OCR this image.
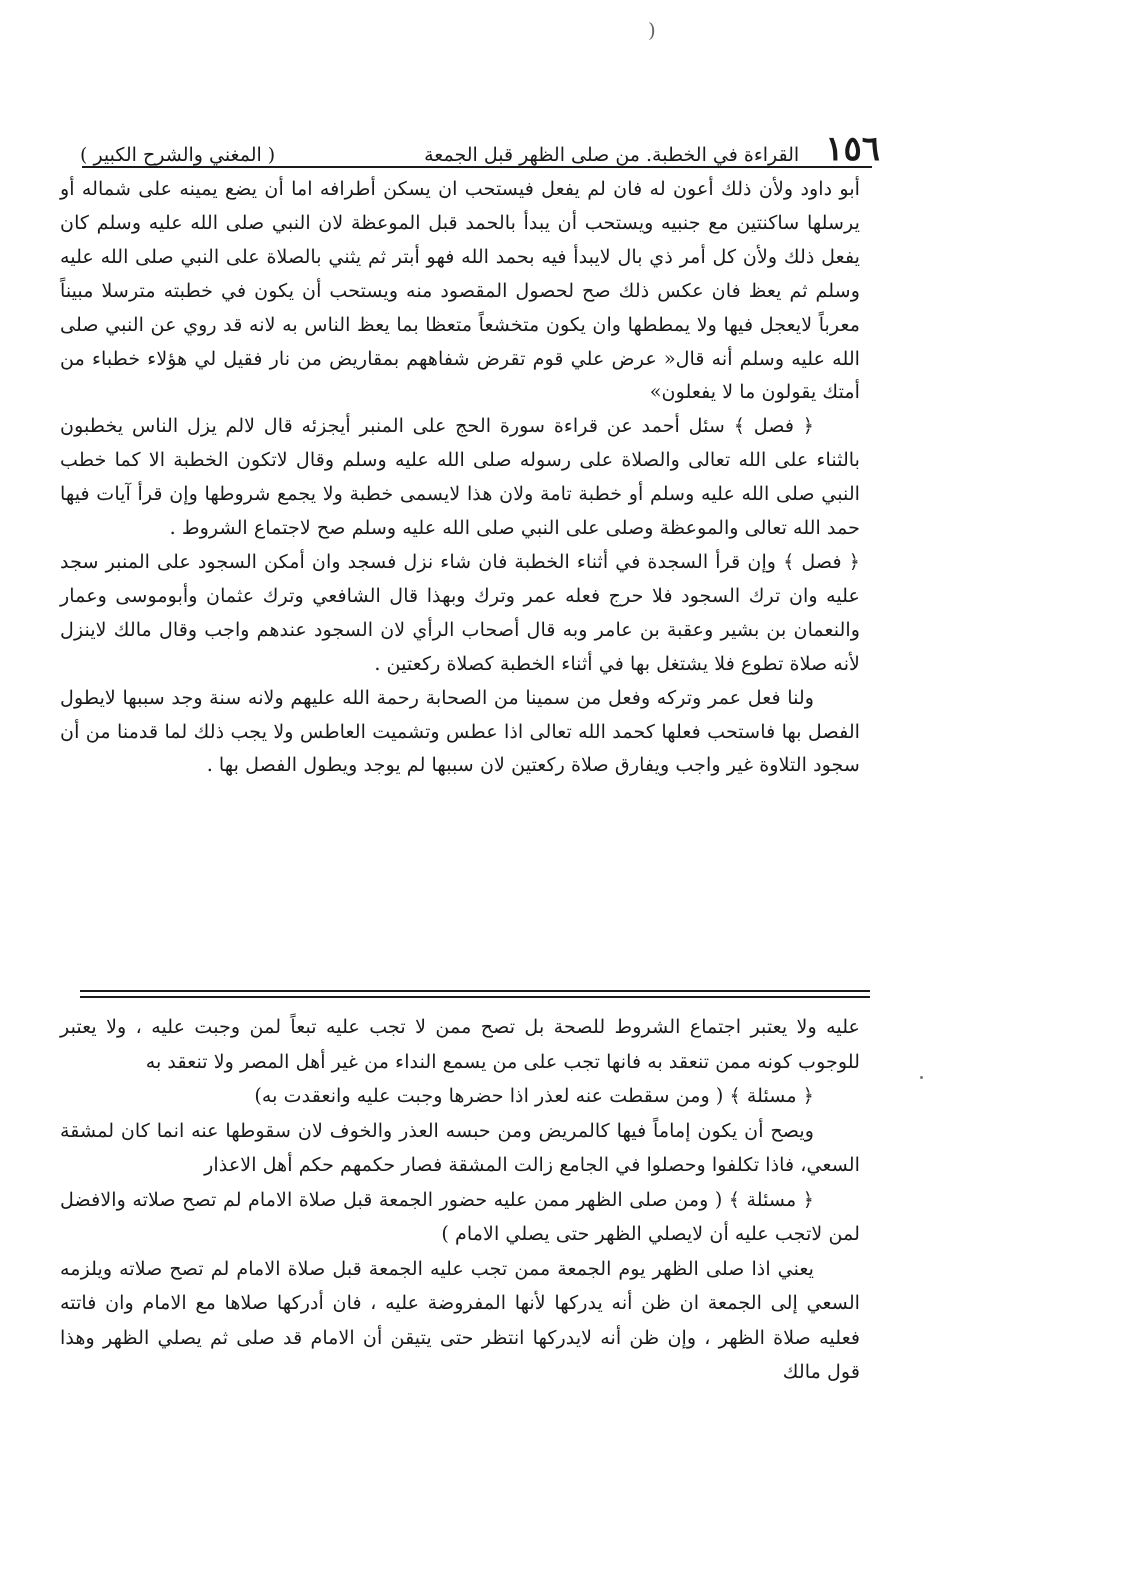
(
١٥٦
القراءة في الخطبة. من صلى الظهر قبل الجمعة
( المغني والشرح الكبير )

أبو داود ولأن ذلك أعون له فان لم يفعل فيستحب ان يسكن أطرافه اما أن يضع يمينه على شماله أو يرسلها ساكنتين مع جنبيه ويستحب أن يبدأ بالحمد قبل الموعظة لان النبي صلى الله عليه وسلم كان يفعل ذلك ولأن كل أمر ذي بال لايبدأ فيه بحمد الله فهو أبتر ثم يثني بالصلاة على النبي صلى الله عليه وسلم ثم يعظ فان عكس ذلك صح لحصول المقصود منه ويستحب أن يكون في خطبته مترسلا مبيناً معرباً لايعجل فيها ولا يمططها وان يكون متخشعاً متعظا بما يعظ الناس به لانه قد روي عن النبي صلى الله عليه وسلم أنه قال« عرض علي قوم تقرض شفاههم بمقاريض من نار فقيل لي هؤلاء خطباء من أمتك يقولون ما لا يفعلون»

﴿ فصل ﴾ سئل أحمد عن قراءة سورة الحج على المنبر أيجزئه قال لالم يزل الناس يخطبون بالثناء على الله تعالى والصلاة على رسوله صلى الله عليه وسلم وقال لاتكون الخطبة الا كما خطب النبي صلى الله عليه وسلم أو خطبة تامة ولان هذا لايسمى خطبة ولا يجمع شروطها وإن قرأ آيات فيها حمد الله تعالى والموعظة وصلى على النبي صلى الله عليه وسلم صح لاجتماع الشروط .

﴿ فصل ﴾ وإن قرأ السجدة في أثناء الخطبة فان شاء نزل فسجد وان أمكن السجود على المنبر سجد عليه وان ترك السجود فلا حرج فعله عمر وترك وبهذا قال الشافعي وترك عثمان وأبوموسى وعمار والنعمان بن بشير وعقبة بن عامر وبه قال أصحاب الرأي لان السجود عندهم واجب وقال مالك لاينزل لأنه صلاة تطوع فلا يشتغل بها في أثناء الخطبة كصلاة ركعتين .

ولنا فعل عمر وتركه وفعل من سمينا من الصحابة رحمة الله عليهم ولانه سنة وجد سببها لايطول الفصل بها فاستحب فعلها كحمد الله تعالى اذا عطس وتشميت العاطس ولا يجب ذلك لما قدمنا من أن سجود التلاوة غير واجب ويفارق صلاة ركعتين لان سببها لم يوجد ويطول الفصل بها .

عليه ولا يعتبر اجتماع الشروط للصحة بل تصح ممن لا تجب عليه تبعاً لمن وجبت عليه ، ولا يعتبر للوجوب كونه ممن تنعقد به فانها تجب على من يسمع النداء من غير أهل المصر ولا تنعقد به

﴿ مسئلة ﴾ ( ومن سقطت عنه لعذر اذا حضرها وجبت عليه وانعقدت به)

ويصح أن يكون إماماً فيها كالمريض ومن حبسه العذر والخوف لان سقوطها عنه انما كان لمشقة السعي، فاذا تكلفوا وحصلوا في الجامع زالت المشقة فصار حكمهم حكم أهل الاعذار

﴿ مسئلة ﴾ ( ومن صلى الظهر ممن عليه حضور الجمعة قبل صلاة الامام لم تصح صلاته والافضل لمن لاتجب عليه أن لايصلي الظهر حتى يصلي الامام )

يعني اذا صلى الظهر يوم الجمعة ممن تجب عليه الجمعة قبل صلاة الامام لم تصح صلاته ويلزمه السعي إلى الجمعة ان ظن أنه يدركها لأنها المفروضة عليه ، فان أدركها صلاها مع الامام وان فاتته فعليه صلاة الظهر ، وإن ظن أنه لايدركها انتظر حتى يتيقن أن الامام قد صلى ثم يصلي الظهر وهذا قول مالك
